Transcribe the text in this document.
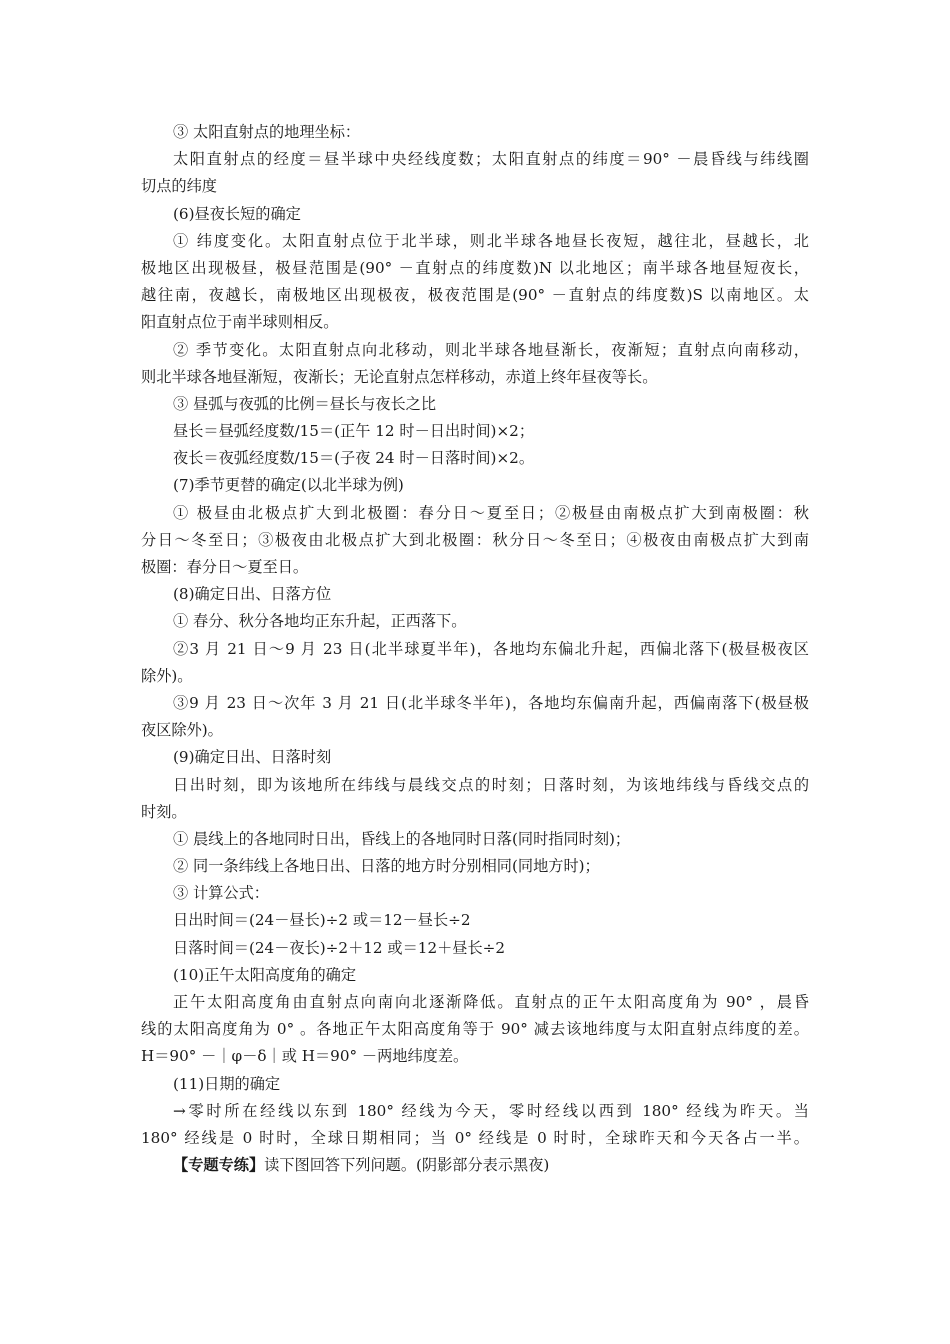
③ 太阳直射点的地理坐标：
太阳直射点的经度＝昼半球中央经线度数；太阳直射点的纬度＝90° －晨昏线与纬线圈
切点的纬度
(6)昼夜长短的确定
① 纬度变化。太阳直射点位于北半球，则北半球各地昼长夜短，越往北，昼越长，北
极地区出现极昼，极昼范围是(90° －直射点的纬度数)N 以北地区；南半球各地昼短夜长，
越往南，夜越长，南极地区出现极夜，极夜范围是(90° －直射点的纬度数)S 以南地区。太
阳直射点位于南半球则相反。
② 季节变化。太阳直射点向北移动，则北半球各地昼渐长，夜渐短；直射点向南移动，
则北半球各地昼渐短，夜渐长；无论直射点怎样移动，赤道上终年昼夜等长。
③ 昼弧与夜弧的比例＝昼长与夜长之比
昼长＝昼弧经度数/15＝(正午 12 时－日出时间)×2；
夜长＝夜弧经度数/15＝(子夜 24 时－日落时间)×2。
(7)季节更替的确定(以北半球为例)
① 极昼由北极点扩大到北极圈：春分日～夏至日；②极昼由南极点扩大到南极圈：秋
分日～冬至日；③极夜由北极点扩大到北极圈：秋分日～冬至日；④极夜由南极点扩大到南
极圈：春分日～夏至日。
(8)确定日出、日落方位
① 春分、秋分各地均正东升起，正西落下。
②3 月 21 日～9 月 23 日(北半球夏半年)，各地均东偏北升起，西偏北落下(极昼极夜区
除外)。
③9 月 23 日～次年 3 月 21 日(北半球冬半年)，各地均东偏南升起，西偏南落下(极昼极
夜区除外)。
(9)确定日出、日落时刻
日出时刻，即为该地所在纬线与晨线交点的时刻；日落时刻，为该地纬线与昏线交点的
时刻。
① 晨线上的各地同时日出，昏线上的各地同时日落(同时指同时刻)；
② 同一条纬线上各地日出、日落的地方时分别相同(同地方时)；
③ 计算公式：
日出时间＝(24－昼长)÷2 或＝12－昼长÷2
日落时间＝(24－夜长)÷2＋12 或＝12＋昼长÷2
(10)正午太阳高度角的确定
正午太阳高度角由直射点向南向北逐渐降低。直射点的正午太阳高度角为 90° ，晨昏
线的太阳高度角为 0° 。各地正午太阳高度角等于 90° 减去该地纬度与太阳直射点纬度的差。
H＝90° －｜φ－δ｜或 H＝90° －两地纬度差。
(11)日期的确定
→零时所在经线以东到 180° 经线为今天，零时经线以西到 180° 经线为昨天。当
180° 经线是 0 时时，全球日期相同；当 0° 经线是 0 时时，全球昨天和今天各占一半。
【专题专练】读下图回答下列问题。(阴影部分表示黑夜)
